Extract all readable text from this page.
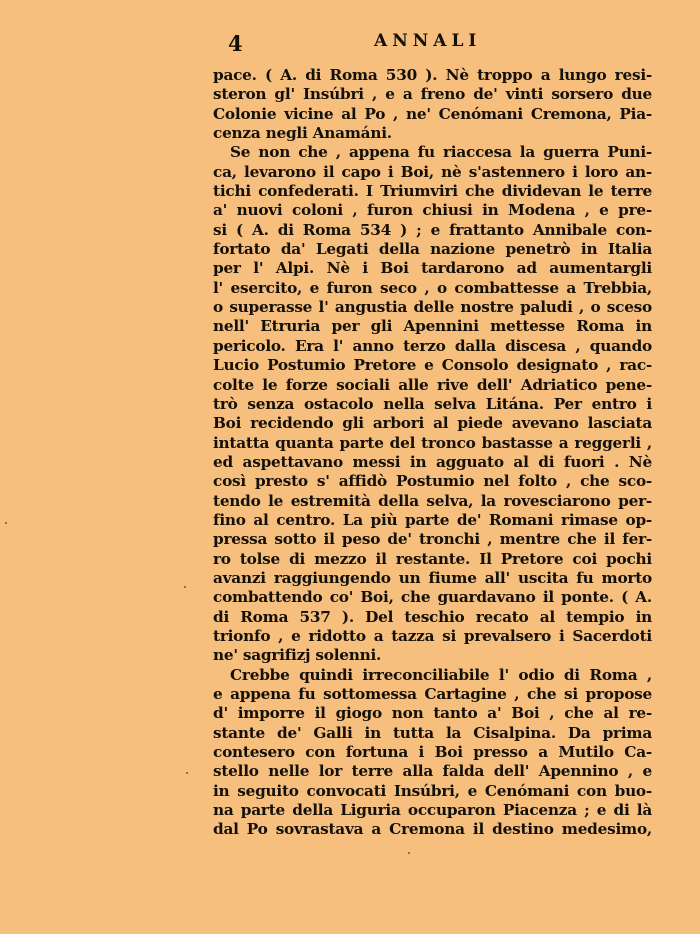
4	ANNALI
pace. ( A. di Roma 530 ). Nè troppo a lungo resi-
steron gl' Insúbri , e a freno de' vinti sorsero due
Colonie vicine al Po , ne' Cenómani Cremona, Pia-
cenza negli Anamáni.
Se non che , appena fu riaccesa la guerra Puni-
ca, levarono il capo i Boi, nè s'astennero i loro an-
tichi confederati. I Triumviri che dividevan le terre
a' nuovi coloni , furon chiusi in Modena , e pre-
si ( A. di Roma 534 ) ; e frattanto Annibale con-
fortato da' Legati della nazione penetrò in Italia
per l' Alpi. Nè i Boi tardarono ad aumentargli
l' esercito, e furon seco , o combattesse a Trebbia,
o superasse l' angustia delle nostre paludi , o sceso
nell' Etruria per gli Apennini mettesse Roma in
pericolo. Era l' anno terzo dalla discesa , quando
Lucio Postumio Pretore e Consolo designato , rac-
colte le forze sociali alle rive dell' Adriatico pene-
trò senza ostacolo nella selva Litána. Per entro i
Boi recidendo gli arbori al piede avevano lasciata
intatta quanta parte del tronco bastasse a reggerli ,
ed aspettavano messi in agguato al di fuori . Nè
così presto s' affidò Postumio nel folto , che sco-
tendo le estremità della selva, la rovesciarono per-
fino al centro. La più parte de' Romani rimase op-
pressa sotto il peso de' tronchi , mentre che il fer-
ro tolse di mezzo il restante. Il Pretore coi pochi
avanzi raggiungendo un fiume all' uscita fu morto
combattendo co' Boi, che guardavano il ponte. ( A.
di Roma 537 ). Del teschio recato al tempio in
trionfo , e ridotto a tazza si prevalsero i Sacerdoti
ne' sagrifizj solenni.
Crebbe quindi irreconciliabile l' odio di Roma ,
e appena fu sottomessa Cartagine , che si propose
d' imporre il giogo non tanto a' Boi , che al re-
stante de' Galli in tutta la Cisalpina. Da prima
contesero con fortuna i Boi presso a Mutilo Ca-
stello nelle lor terre alla falda dell' Apennino , e
in seguito convocati Insúbri, e Cenómani con buo-
na parte della Liguria occuparon Piacenza ; e di là
dal Po sovrastava a Cremona il destino medesimo,
